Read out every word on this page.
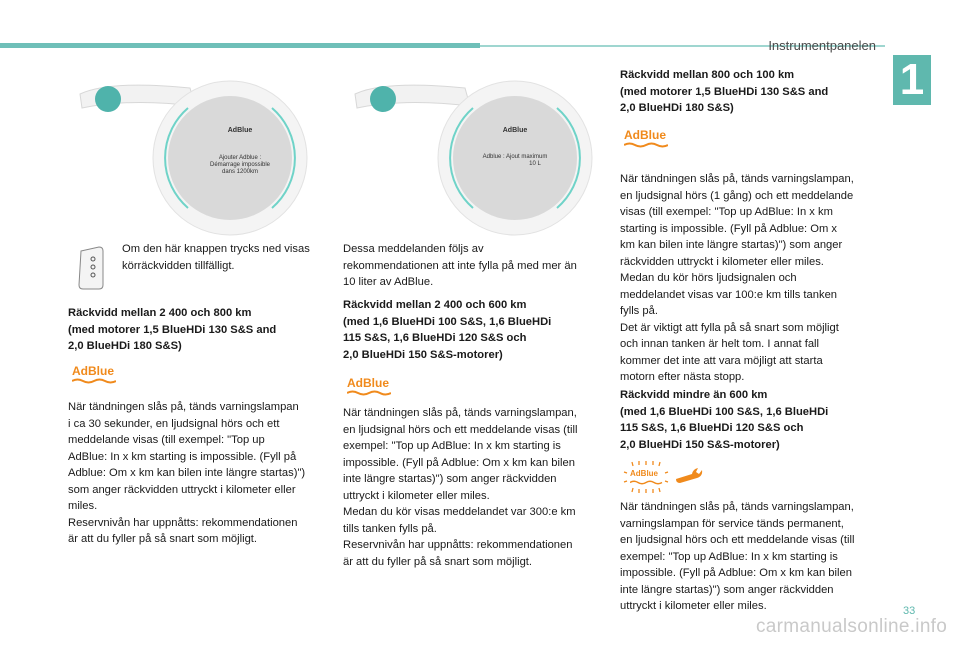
Instrumentpanelen
1
AdBlue
Ajouter Adblue :
Démarrage impossible
dans 1200km

Om den här knappen trycks ned visas körräckvidden tillfälligt.

Räckvidd mellan 2 400 och 800 km
(med motorer 1,5 BlueHDi 130 S&S and
2,0 BlueHDi 180 S&S)
AdBlue
När tändningen slås på, tänds varningslampan
i ca 30 sekunder, en ljudsignal hörs och ett
meddelande visas (till exempel: "Top up
AdBlue: In x km starting is impossible. (Fyll på
Adblue: Om x km kan bilen inte längre startas)")
som anger räckvidden uttryckt i kilometer eller
miles.
Reservnivån har uppnåtts: rekommendationen
är att du fyller på så snart som möjligt.
AdBlue
Adblue : Ajout maximum
10 L
Dessa meddelanden följs av
rekommendationen att inte fylla på med mer än
10 liter av AdBlue.
Räckvidd mellan 2 400 och 600 km
(med 1,6 BlueHDi 100 S&S, 1,6 BlueHDi
115 S&S, 1,6 BlueHDi 120 S&S och
2,0 BlueHDi 150 S&S-motorer)
AdBlue
När tändningen slås på, tänds varningslampan,
en ljudsignal hörs och ett meddelande visas (till
exempel: "Top up AdBlue: In x km starting is
impossible. (Fyll på Adblue: Om x km kan bilen
inte längre startas)") som anger räckvidden
uttryckt i kilometer eller miles.
Medan du kör visas meddelandet var 300:e km
tills tanken fylls på.
Reservnivån har uppnåtts: rekommendationen
är att du fyller på så snart som möjligt.
Räckvidd mellan 800 och 100 km
(med motorer 1,5 BlueHDi 130 S&S and
2,0 BlueHDi 180 S&S)
AdBlue
När tändningen slås på, tänds varningslampan,
en ljudsignal hörs (1 gång) och ett meddelande
visas (till exempel: "Top up AdBlue: In x km
starting is impossible. (Fyll på Adblue: Om x
km kan bilen inte längre startas)") som anger
räckvidden uttryckt i kilometer eller miles.
Medan du kör hörs ljudsignalen och
meddelandet visas var 100:e km tills tanken
fylls på.
Det är viktigt att fylla på så snart som möjligt
och innan tanken är helt tom. I annat fall
kommer det inte att vara möjligt att starta
motorn efter nästa stopp.
Räckvidd mindre än 600 km
(med 1,6 BlueHDi 100 S&S, 1,6 BlueHDi
115 S&S, 1,6 BlueHDi 120 S&S och
2,0 BlueHDi 150 S&S-motorer)
AdBlue
När tändningen slås på, tänds varningslampan,
varningslampan för service tänds permanent,
en ljudsignal hörs och ett meddelande visas (till
exempel: "Top up AdBlue: In x km starting is
impossible. (Fyll på Adblue: Om x km kan bilen
inte längre startas)") som anger räckvidden
uttryckt i kilometer eller miles.	33
carmanualsonline.info
